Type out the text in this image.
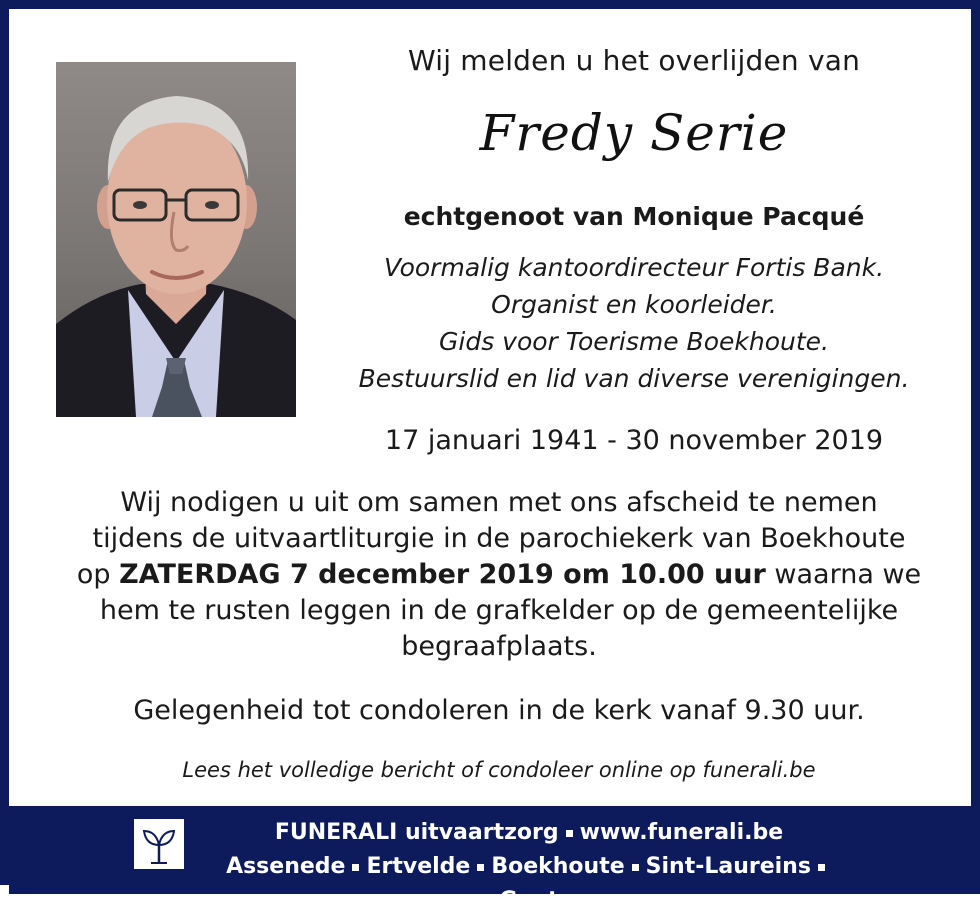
Wij melden u het overlijden van
Fredy Serie
echtgenoot van Monique Pacqué
Voormalig kantoordirecteur Fortis Bank.
Organist en koorleider.
Gids voor Toerisme Boekhoute.
Bestuurslid en lid van diverse verenigingen.
17 januari 1941 - 30 november 2019
Wij nodigen u uit om samen met ons afscheid te nemen
tijdens de uitvaartliturgie in de parochiekerk van Boekhoute
op ZATERDAG 7 december 2019 om 10.00 uur waarna we
hem te rusten leggen in de grafkelder op de gemeentelijke
begraafplaats.
Gelegenheid tot condoleren in de kerk vanaf 9.30 uur.
Lees het volledige bericht of condoleer online op funerali.be
FUNERALI uitvaartzorg www.funerali.be
Assenede Ertvelde Boekhoute Sint-LaureinsGent
